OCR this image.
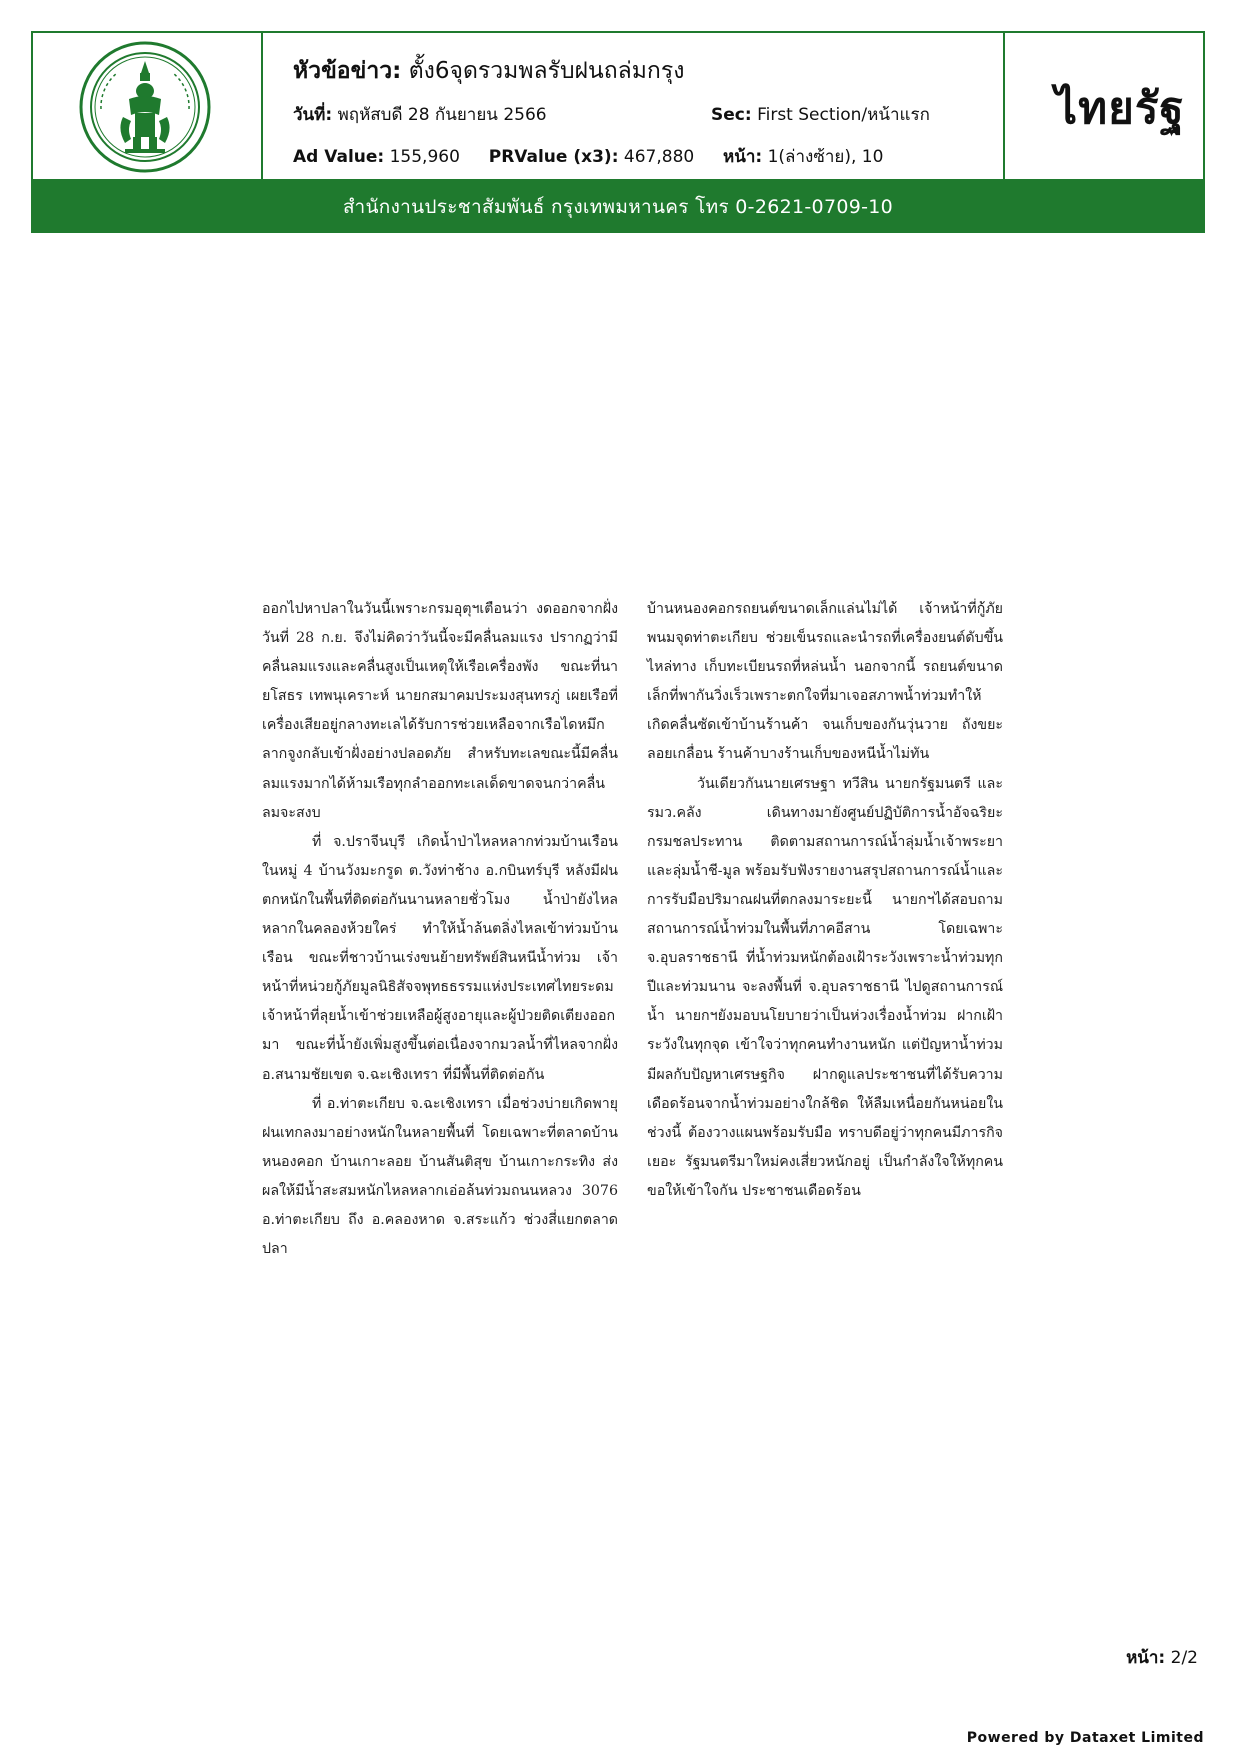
หัวข้อข่าว: ตั้ง6จุดรวมพลรับฝนถล่มกรุง
วันที่: พฤหัสบดี 28 กันยายน 2566	Sec: First Section/หน้าแรก
Ad Value: 155,960 PRValue (x3): 467,880 หน้า: 1(ล่างซ้าย), 10
ไทยรัฐ
สำนักงานประชาสัมพันธ์ กรุงเทพมหานคร โทร 0-2621-0709-10

ออกไปหาปลาในวันนี้เพราะกรมอุตุฯเตือนว่า งดออกจากฝั่งวันที่ 28 ก.ย. จึงไม่คิดว่าวันนี้จะมีคลื่นลมแรง ปรากฏว่ามีคลื่นลมแรงและคลื่นสูงเป็นเหตุให้เรือเครื่องพัง ขณะที่นายโสธร เทพนุเคราะห์ นายกสมาคมประมงสุนทรภู่ เผยเรือที่เครื่องเสียอยู่กลางทะเลได้รับการช่วยเหลือจากเรือไดหมึกลากจูงกลับเข้าฝั่งอย่างปลอดภัย สำหรับทะเลขณะนี้มีคลื่นลมแรงมากได้ห้ามเรือทุกลำออกทะเลเด็ดขาดจนกว่าคลื่นลมจะสงบ

ที่ จ.ปราจีนบุรี เกิดน้ำป่าไหลหลากท่วมบ้านเรือนในหมู่ 4 บ้านวังมะกรูด ต.วังท่าช้าง อ.กบินทร์บุรี หลังมีฝนตกหนักในพื้นที่ติดต่อกันนานหลายชั่วโมง น้ำป่ายังไหลหลากในคลองห้วยใคร่ ทำให้น้ำล้นตลิ่งไหลเข้าท่วมบ้านเรือน ขณะที่ชาวบ้านเร่งขนย้ายทรัพย์สินหนีน้ำท่วม เจ้าหน้าที่หน่วยกู้ภัยมูลนิธิสัจจพุทธธรรมแห่งประเทศไทยระดมเจ้าหน้าที่ลุยน้ำเข้าช่วยเหลือผู้สูงอายุและผู้ป่วยติดเตียงออกมา ขณะที่น้ำยังเพิ่มสูงขึ้นต่อเนื่องจากมวลน้ำที่ไหลจากฝั่ง อ.สนามชัยเขต จ.ฉะเชิงเทรา ที่มีพื้นที่ติดต่อกัน

ที่ อ.ท่าตะเกียบ จ.ฉะเชิงเทรา เมื่อช่วงบ่ายเกิดพายุฝนเทกลงมาอย่างหนักในหลายพื้นที่ โดยเฉพาะที่ตลาดบ้านหนองคอก บ้านเกาะลอย บ้านสันติสุข บ้านเกาะกระทิง ส่งผลให้มีน้ำสะสมหนักไหลหลากเอ่อล้นท่วมถนนหลวง 3076 อ.ท่าตะเกียบ ถึง อ.คลองหาด จ.สระแก้ว ช่วงสี่แยกตลาดปลา

บ้านหนองคอกรถยนต์ขนาดเล็กแล่นไม่ได้ เจ้าหน้าที่กู้ภัยพนมจุดท่าตะเกียบ ช่วยเข็นรถและนำรถที่เครื่องยนต์ดับขึ้นไหล่ทาง เก็บทะเบียนรถที่หล่นน้ำ นอกจากนี้ รถยนต์ขนาดเล็กที่พากันวิ่งเร็วเพราะตกใจที่มาเจอสภาพน้ำท่วมทำให้เกิดคลื่นซัดเข้าบ้านร้านค้า จนเก็บของกันวุ่นวาย ถังขยะลอยเกลื่อน ร้านค้าบางร้านเก็บของหนีน้ำไม่ทัน

วันเดียวกันนายเศรษฐา ทวีสิน นายกรัฐมนตรี และ รมว.คลัง เดินทางมายังศูนย์ปฏิบัติการน้ำอัจฉริยะ กรมชลประทาน ติดตามสถานการณ์น้ำลุ่มน้ำเจ้าพระยาและลุ่มน้ำชี-มูล พร้อมรับฟังรายงานสรุปสถานการณ์น้ำและการรับมือปริมาณฝนที่ตกลงมาระยะนี้ นายกฯได้สอบถามสถานการณ์น้ำท่วมในพื้นที่ภาคอีสาน โดยเฉพาะ จ.อุบลราชธานี ที่น้ำท่วมหนักต้องเฝ้าระวังเพราะน้ำท่วมทุกปีและท่วมนาน จะลงพื้นที่ จ.อุบลราชธานี ไปดูสถานการณ์น้ำ นายกฯยังมอบนโยบายว่าเป็นห่วงเรื่องน้ำท่วม ฝากเฝ้าระวังในทุกจุด เข้าใจว่าทุกคนทำงานหนัก แต่ปัญหาน้ำท่วมมีผลกับปัญหาเศรษฐกิจ ฝากดูแลประชาชนที่ได้รับความเดือดร้อนจากน้ำท่วมอย่างใกล้ชิด ให้ลืมเหนื่อยกันหน่อยในช่วงนี้ ต้องวางแผนพร้อมรับมือ ทราบดีอยู่ว่าทุกคนมีภารกิจเยอะ รัฐมนตรีมาใหม่คงเสี่ยวหนักอยู่ เป็นกำลังใจให้ทุกคนขอให้เข้าใจกัน ประชาชนเดือดร้อน

หน้า: 2/2
Powered by Dataxet Limited
